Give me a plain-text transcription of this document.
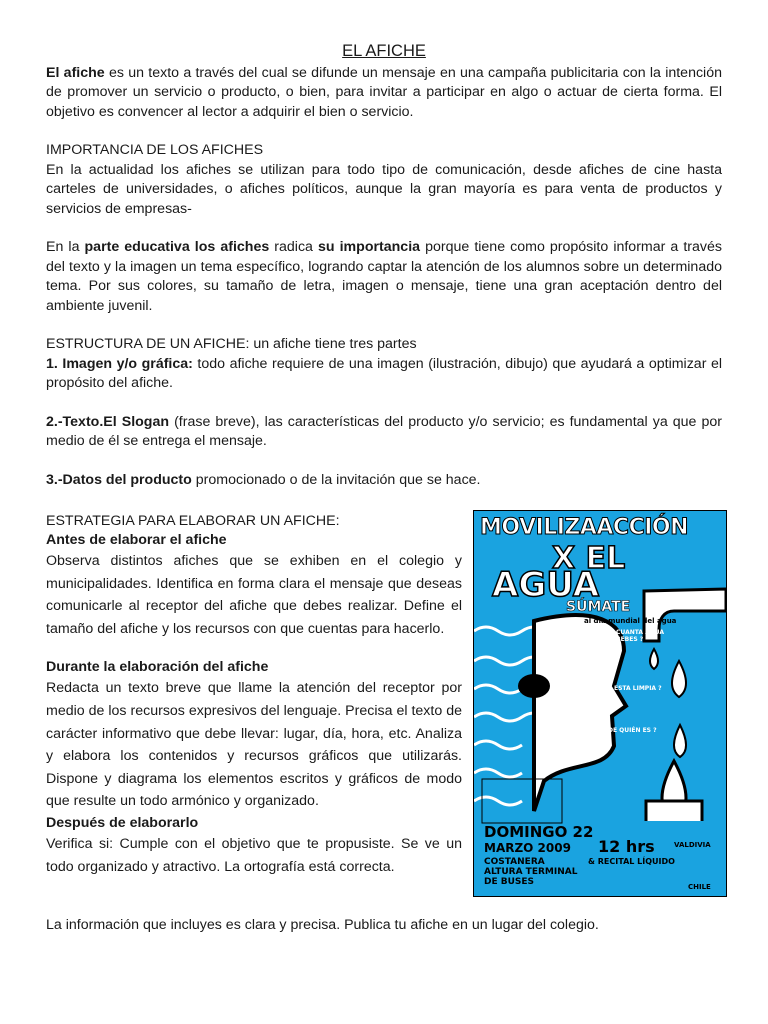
EL AFICHE

El afiche es un texto a través del cual se difunde un mensaje en una campaña publicitaria con la intención de promover un servicio o producto, o bien, para invitar a participar en algo o actuar de cierta forma. El objetivo es convencer al lector a adquirir el bien o servicio.

IMPORTANCIA DE LOS AFICHES

En la actualidad los afiches se utilizan para todo tipo de comunicación, desde afiches de cine hasta carteles de universidades, o afiches políticos, aunque la gran mayoría es para venta de productos y servicios de empresas-

En la parte educativa los afiches radica su importancia porque tiene como propósito informar a través del texto y la imagen un tema específico, logrando captar la atención de los alumnos sobre un determinado tema. Por sus colores, su tamaño de letra, imagen o mensaje, tiene una gran aceptación dentro del ambiente juvenil.

ESTRUCTURA DE UN AFICHE: un afiche tiene tres partes

1. Imagen y/o gráfica: todo afiche requiere de una imagen (ilustración, dibujo) que ayudará a optimizar el propósito del afiche.

2.-Texto.El Slogan (frase breve), las características del producto y/o servicio; es fundamental ya que por medio de él se entrega el mensaje.

3.-Datos del producto promocionado o de la invitación que se hace.

ESTRATEGIA PARA ELABORAR UN AFICHE:

Antes de elaborar el afiche

Observa distintos afiches que se exhiben en el colegio y municipalidades. Identifica en forma clara el mensaje que deseas comunicarle al receptor del afiche que debes realizar. Define el tamaño del afiche y los recursos con que cuentas para hacerlo.

Durante la elaboración del afiche

Redacta un texto breve que llame la atención del receptor por medio de los recursos expresivos del lenguaje. Precisa el texto de carácter informativo que debe llevar: lugar, día, hora, etc. Analiza y elabora los contenidos y recursos gráficos que utilizarás. Dispone y diagrama los elementos escritos y gráficos de modo que resulte un todo armónico y organizado.

Después de elaborarlo

Verifica si: Cumple con el objetivo que te propusiste. Se ve un todo organizado y atractivo. La ortografía está correcta.

La información que incluyes es clara y precisa. Publica tu afiche en un lugar del colegio.
MOVILIZAACCIÓN
X EL
AGUA
SÚMATE
al día mundial del agua
CUANTA AGUA BEBES ?
ESTA LIMPIA ?
DE QUIÉN ES ?
DOMINGO 22
MARZO 2009 12 hrs	VALDIVIA
COSTANERA
ALTURA TERMINAL
DE BUSES
& RECITAL LÍQUIDO
CHILE
